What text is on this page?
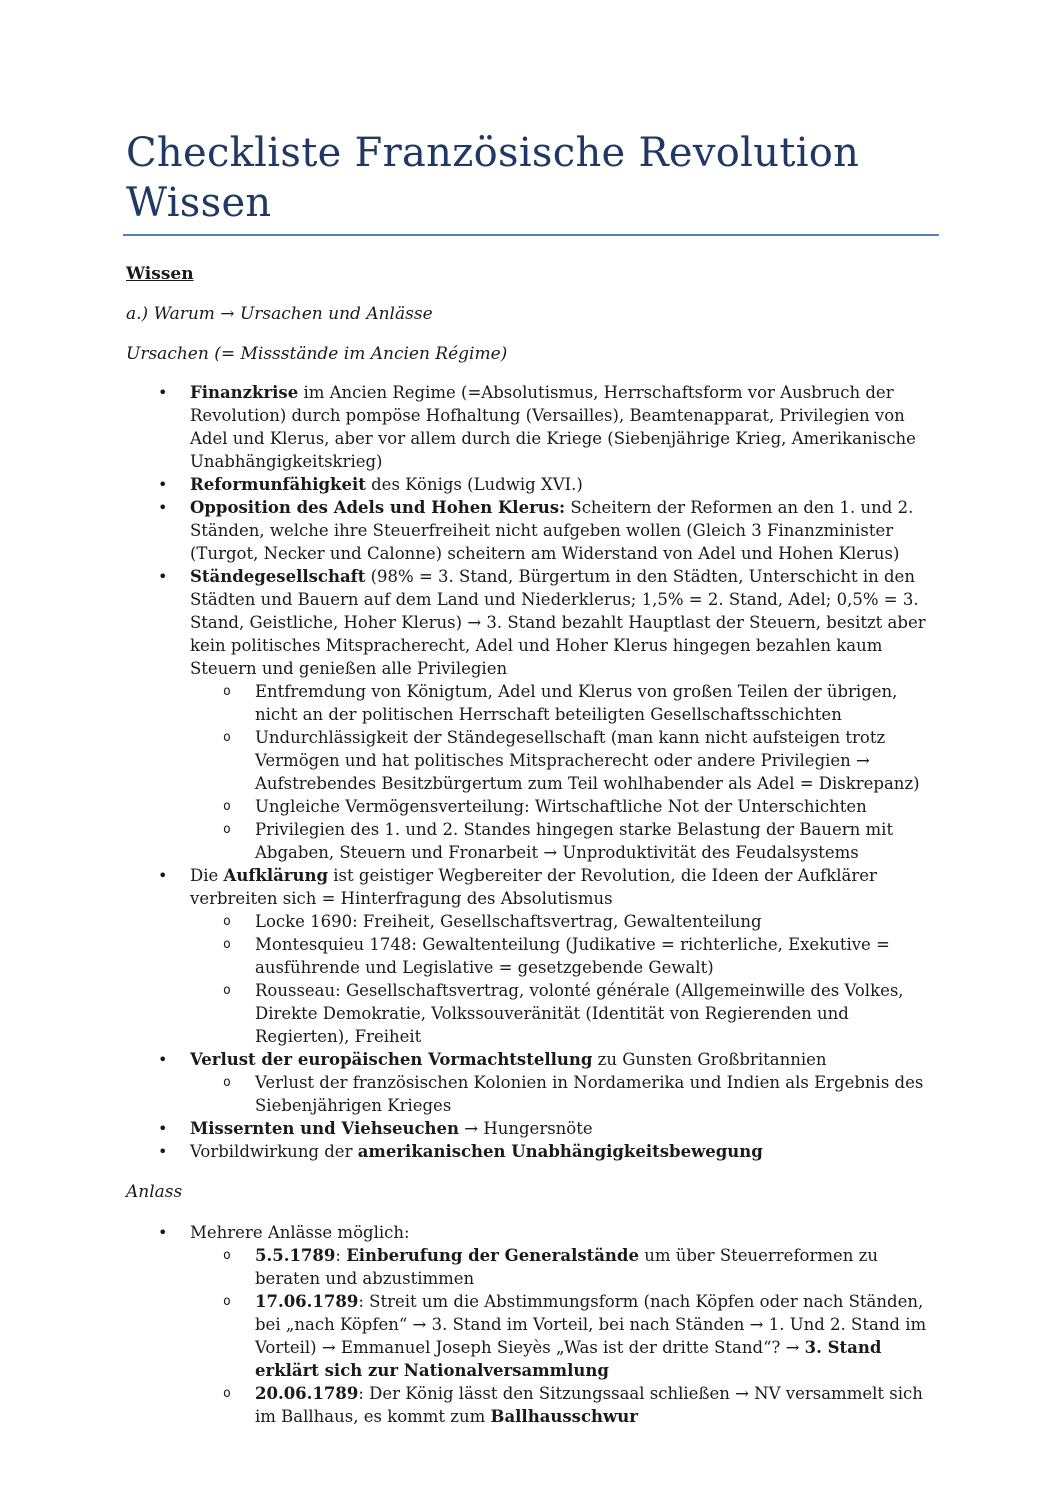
Checkliste Französische Revolution Wissen
Wissen
a.) Warum → Ursachen und Anlässe
Ursachen (= Missstände im Ancien Régime)
• Finanzkrise im Ancien Regime (=Absolutismus, Herrschaftsform vor Ausbruch der Revolution) durch pompöse Hofhaltung (Versailles), Beamtenapparat, Privilegien von Adel und Klerus, aber vor allem durch die Kriege (Siebenjährige Krieg, Amerikanische Unabhängigkeitskrieg)
• Reformunfähigkeit des Königs (Ludwig XVI.)
• Opposition des Adels und Hohen Klerus: Scheitern der Reformen an den 1. und 2. Ständen, welche ihre Steuerfreiheit nicht aufgeben wollen (Gleich 3 Finanzminister (Turgot, Necker und Calonne) scheitern am Widerstand von Adel und Hohen Klerus)
• Ständegesellschaft (98% = 3. Stand, Bürgertum in den Städten, Unterschicht in den Städten und Bauern auf dem Land und Niederklerus; 1,5% = 2. Stand, Adel; 0,5% = 3. Stand, Geistliche, Hoher Klerus) → 3. Stand bezahlt Hauptlast der Steuern, besitzt aber kein politisches Mitspracherecht, Adel und Hoher Klerus hingegen bezahlen kaum Steuern und genießen alle Privilegien
o Entfremdung von Königtum, Adel und Klerus von großen Teilen der übrigen, nicht an der politischen Herrschaft beteiligten Gesellschaftsschichten
o Undurchlässigkeit der Ständegesellschaft (man kann nicht aufsteigen trotz Vermögen und hat politisches Mitspracherecht oder andere Privilegien → Aufstrebendes Besitzbürgertum zum Teil wohlhabender als Adel = Diskrepanz)
o Ungleiche Vermögensverteilung: Wirtschaftliche Not der Unterschichten
o Privilegien des 1. und 2. Standes hingegen starke Belastung der Bauern mit Abgaben, Steuern und Fronarbeit → Unproduktivität des Feudalsystems
• Die Aufklärung ist geistiger Wegbereiter der Revolution, die Ideen der Aufklärer verbreiten sich = Hinterfragung des Absolutismus
o Locke 1690: Freiheit, Gesellschaftsvertrag, Gewaltenteilung
o Montesquieu 1748: Gewaltenteilung (Judikative = richterliche, Exekutive = ausführende und Legislative = gesetzgebende Gewalt)
o Rousseau: Gesellschaftsvertrag, volonté générale (Allgemeinwille des Volkes, Direkte Demokratie, Volkssouveränität (Identität von Regierenden und Regierten), Freiheit
• Verlust der europäischen Vormachtstellung zu Gunsten Großbritannien
o Verlust der französischen Kolonien in Nordamerika und Indien als Ergebnis des Siebenjährigen Krieges
• Missernten und Viehseuchen → Hungersnöte
• Vorbildwirkung der amerikanischen Unabhängigkeitsbewegung
Anlass
• Mehrere Anlässe möglich:
o 5.5.1789: Einberufung der Generalstände um über Steuerreformen zu beraten und abzustimmen
o 17.06.1789: Streit um die Abstimmungsform (nach Köpfen oder nach Ständen, bei „nach Köpfen“ → 3. Stand im Vorteil, bei nach Ständen → 1. Und 2. Stand im Vorteil) → Emmanuel Joseph Sieyès „Was ist der dritte Stand“? → 3. Stand erklärt sich zur Nationalversammlung
o 20.06.1789: Der König lässt den Sitzungssaal schließen → NV versammelt sich im Ballhaus, es kommt zum Ballhausschwur
